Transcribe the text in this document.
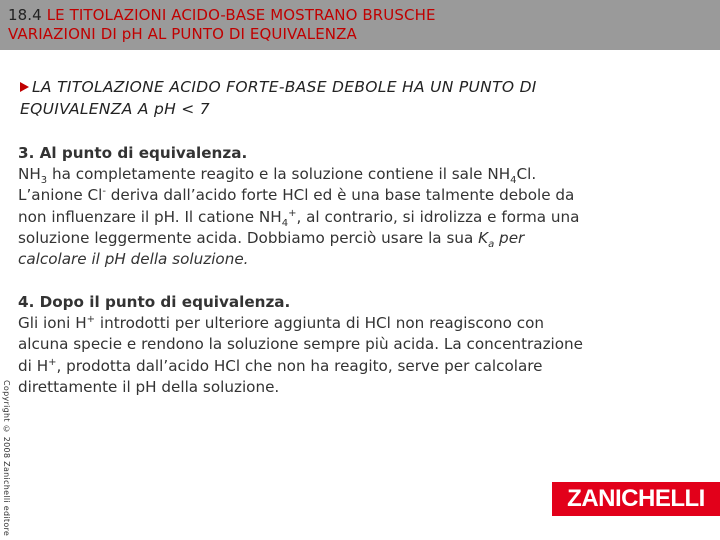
18.4 LE TITOLAZIONI ACIDO-BASE MOSTRANO BRUSCHE
VARIAZIONI DI pH AL PUNTO DI EQUIVALENZA
LA TITOLAZIONE ACIDO FORTE-BASE DEBOLE HA UN PUNTO DI
EQUIVALENZA A pH < 7
3. Al punto di equivalenza.
$NH_3$ ha completamente reagito e la soluzione contiene il sale $NH_4Cl$.
L’anione Cl- deriva dall’acido forte HCl ed è una base talmente debole da
non influenzare il pH. Il catione $NH_4^+$, al contrario, si idrolizza e forma una
soluzione leggermente acida. Dobbiamo perciò usare la sua $K_a$ per
calcolare il pH della soluzione.
4. Dopo il punto di equivalenza.
Gli ioni H+ introdotti per ulteriore aggiunta di HCl non reagiscono con
alcuna specie e rendono la soluzione sempre più acida. La concentrazione
di H+, prodotta dall’acido HCl che non ha reagito, serve per calcolare
direttamente il pH della soluzione.
Copyright © 2008 Zanichelli editore	ZANICHELLI
